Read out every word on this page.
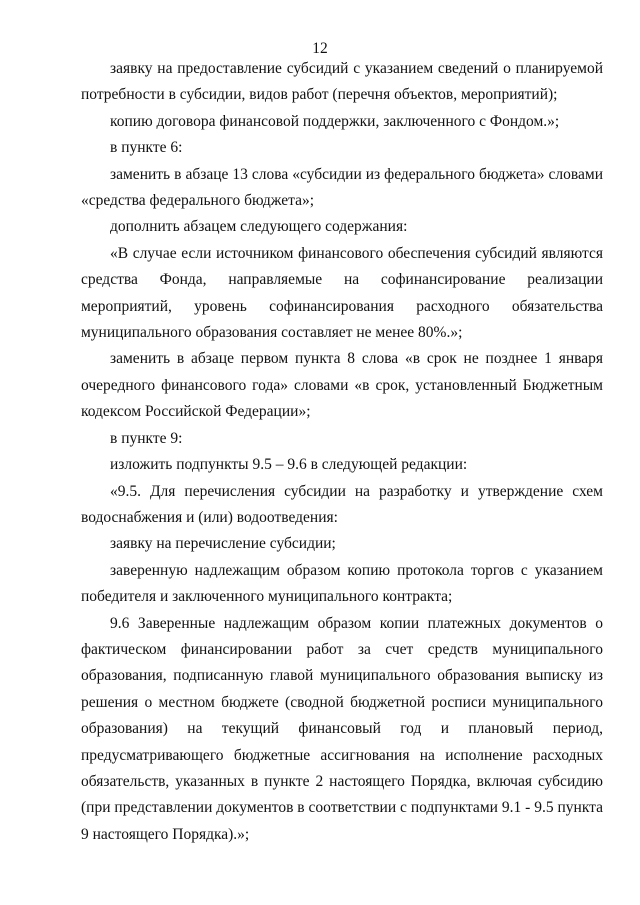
12

заявку на предоставление субсидий с указанием сведений о планируемой потребности в субсидии, видов работ (перечня объектов, мероприятий);

копию договора финансовой поддержки, заключенного с Фондом.»;

в пункте 6:

заменить в абзаце 13 слова «субсидии из федерального бюджета» словами «средства федерального бюджета»;

дополнить абзацем следующего содержания:

«В случае если источником финансового обеспечения субсидий являются средства Фонда, направляемые на софинансирование реализации мероприятий, уровень софинансирования расходного обязательства муниципального образования составляет не менее 80%.»;

заменить в абзаце первом пункта 8 слова «в срок не позднее 1 января очередного финансового года» словами «в срок, установленный Бюджетным кодексом Российской Федерации»;

в пункте 9:

изложить подпункты 9.5 – 9.6 в следующей редакции:

«9.5. Для перечисления субсидии на разработку и утверждение схем водоснабжения и (или) водоотведения:

заявку на перечисление субсидии;

заверенную надлежащим образом копию протокола торгов с указанием победителя и заключенного муниципального контракта;

9.6 Заверенные надлежащим образом копии платежных документов о фактическом финансировании работ за счет средств муниципального образования, подписанную главой муниципального образования выписку из решения о местном бюджете (сводной бюджетной росписи муниципального образования) на текущий финансовый год и плановый период, предусматривающего бюджетные ассигнования на исполнение расходных обязательств, указанных в пункте 2 настоящего Порядка, включая субсидию (при представлении документов в соответствии с подпунктами 9.1 - 9.5 пункта 9 настоящего Порядка).»;
